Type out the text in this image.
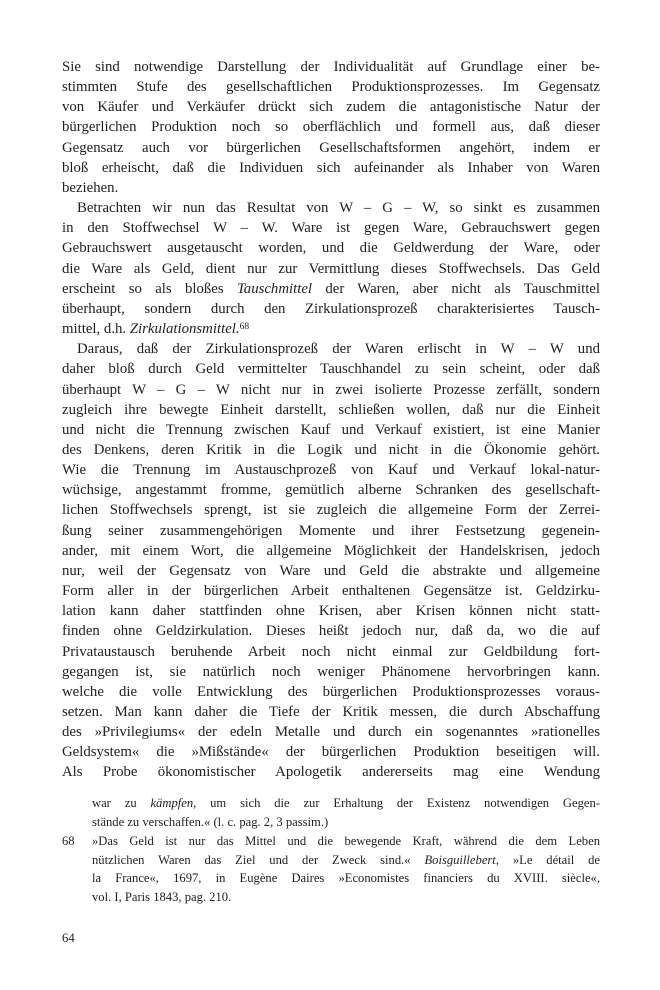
Sie sind notwendige Darstellung der Individualität auf Grundlage einer be-
stimmten Stufe des gesellschaftlichen Produktionsprozesses. Im Gegensatz
von Käufer und Verkäufer drückt sich zudem die antagonistische Natur der
bürgerlichen Produktion noch so oberflächlich und formell aus, daß dieser
Gegensatz auch vor bürgerlichen Gesellschaftsformen angehört, indem er
bloß erheischt, daß die Individuen sich aufeinander als Inhaber von Waren
beziehen.
Betrachten wir nun das Resultat von W – G – W, so sinkt es zusammen
in den Stoffwechsel W – W. Ware ist gegen Ware, Gebrauchswert gegen
Gebrauchswert ausgetauscht worden, und die Geldwerdung der Ware, oder
die Ware als Geld, dient nur zur Vermittlung dieses Stoffwechsels. Das Geld
erscheint so als bloßes Tauschmittel der Waren, aber nicht als Tauschmittel
überhaupt, sondern durch den Zirkulationsprozeß charakterisiertes Tausch-
mittel, d.h. Zirkulationsmittel.$^{68}$
Daraus, daß der Zirkulationsprozeß der Waren erlischt in W – W und
daher bloß durch Geld vermittelter Tauschhandel zu sein scheint, oder daß
überhaupt W – G – W nicht nur in zwei isolierte Prozesse zerfällt, sondern
zugleich ihre bewegte Einheit darstellt, schließen wollen, daß nur die Einheit
und nicht die Trennung zwischen Kauf und Verkauf existiert, ist eine Manier
des Denkens, deren Kritik in die Logik und nicht in die Ökonomie gehört.
Wie die Trennung im Austauschprozeß von Kauf und Verkauf lokal-natur-
wüchsige, angestammt fromme, gemütlich alberne Schranken des gesellschaft-
lichen Stoffwechsels sprengt, ist sie zugleich die allgemeine Form der Zerrei-
ßung seiner zusammengehörigen Momente und ihrer Festsetzung gegenein-
ander, mit einem Wort, die allgemeine Möglichkeit der Handelskrisen, jedoch
nur, weil der Gegensatz von Ware und Geld die abstrakte und allgemeine
Form aller in der bürgerlichen Arbeit enthaltenen Gegensätze ist. Geldzirku-
lation kann daher stattfinden ohne Krisen, aber Krisen können nicht statt-
finden ohne Geldzirkulation. Dieses heißt jedoch nur, daß da, wo die auf
Privataustausch beruhende Arbeit noch nicht einmal zur Geldbildung fort-
gegangen ist, sie natürlich noch weniger Phänomene hervorbringen kann.
welche die volle Entwicklung des bürgerlichen Produktionsprozesses voraus-
setzen. Man kann daher die Tiefe der Kritik messen, die durch Abschaffung
des »Privilegiums« der edeln Metalle und durch ein sogenanntes »rationelles
Geldsystem« die »Mißstände« der bürgerlichen Produktion beseitigen will.
Als Probe ökonomistischer Apologetik andererseits mag eine Wendung
war zu kämpfen, um sich die zur Erhaltung der Existenz notwendigen Gegen-
stände zu verschaffen.« (l. c. pag. 2, 3 passim.)
68	»Das Geld ist nur das Mittel und die bewegende Kraft, während die dem Leben
nützlichen Waren das Ziel und der Zweck sind.« Boisguillebert, »Le détail de
la France«, 1697, in Eugène Daires »Economistes financiers du XVIII. siècle«,
vol. I, Paris 1843, pag. 210.
64
